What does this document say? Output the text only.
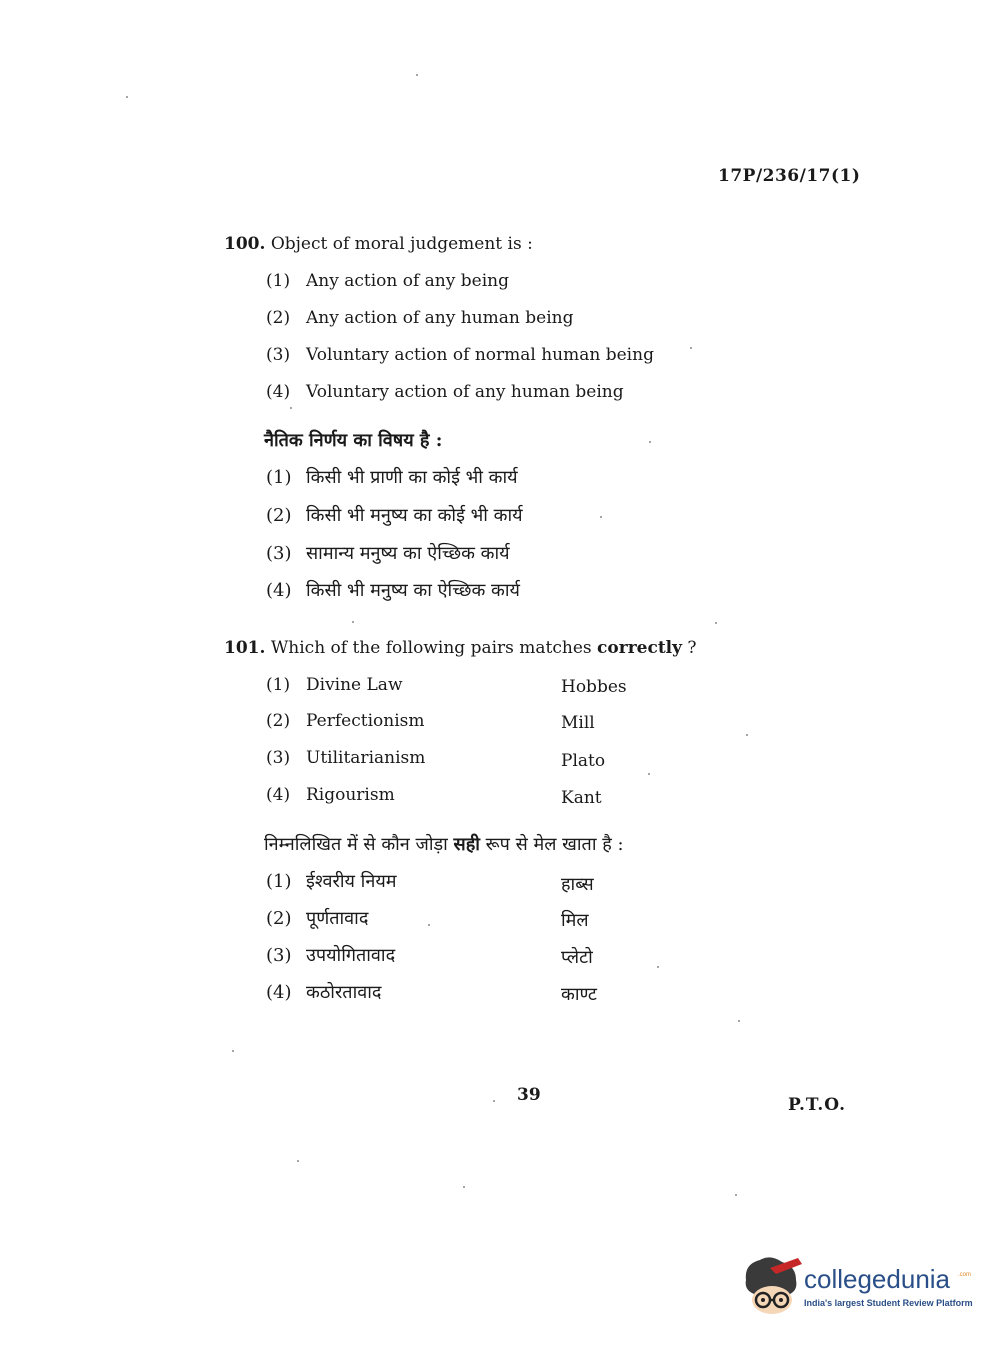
17P/236/17(1)
100. Object of moral judgement is :
(1) Any action of any being
(2) Any action of any human being
(3) Voluntary action of normal human being
(4) Voluntary action of any human being
नैतिक निर्णय का विषय है :
(1) किसी भी प्राणी का कोई भी कार्य
(2) किसी भी मनुष्य का कोई भी कार्य
(3) सामान्य मनुष्य का ऐच्छिक कार्य
(4) किसी भी मनुष्य का ऐच्छिक कार्य
101. Which of the following pairs matches correctly ?
(1) Divine Law	Hobbes
(2) Perfectionism	Mill
(3) Utilitarianism	Plato
(4) Rigourism	Kant
निम्नलिखित में से कौन जोड़ा सही रूप से मेल खाता है :
(1) ईश्वरीय नियम	हाब्स
(2) पूर्णतावाद	मिल
(3) उपयोगितावाद	प्लेटो
(4) कठोरतावाद	काण्ट
39	P.T.O.
collegedunia .com
India's largest Student Review Platform
